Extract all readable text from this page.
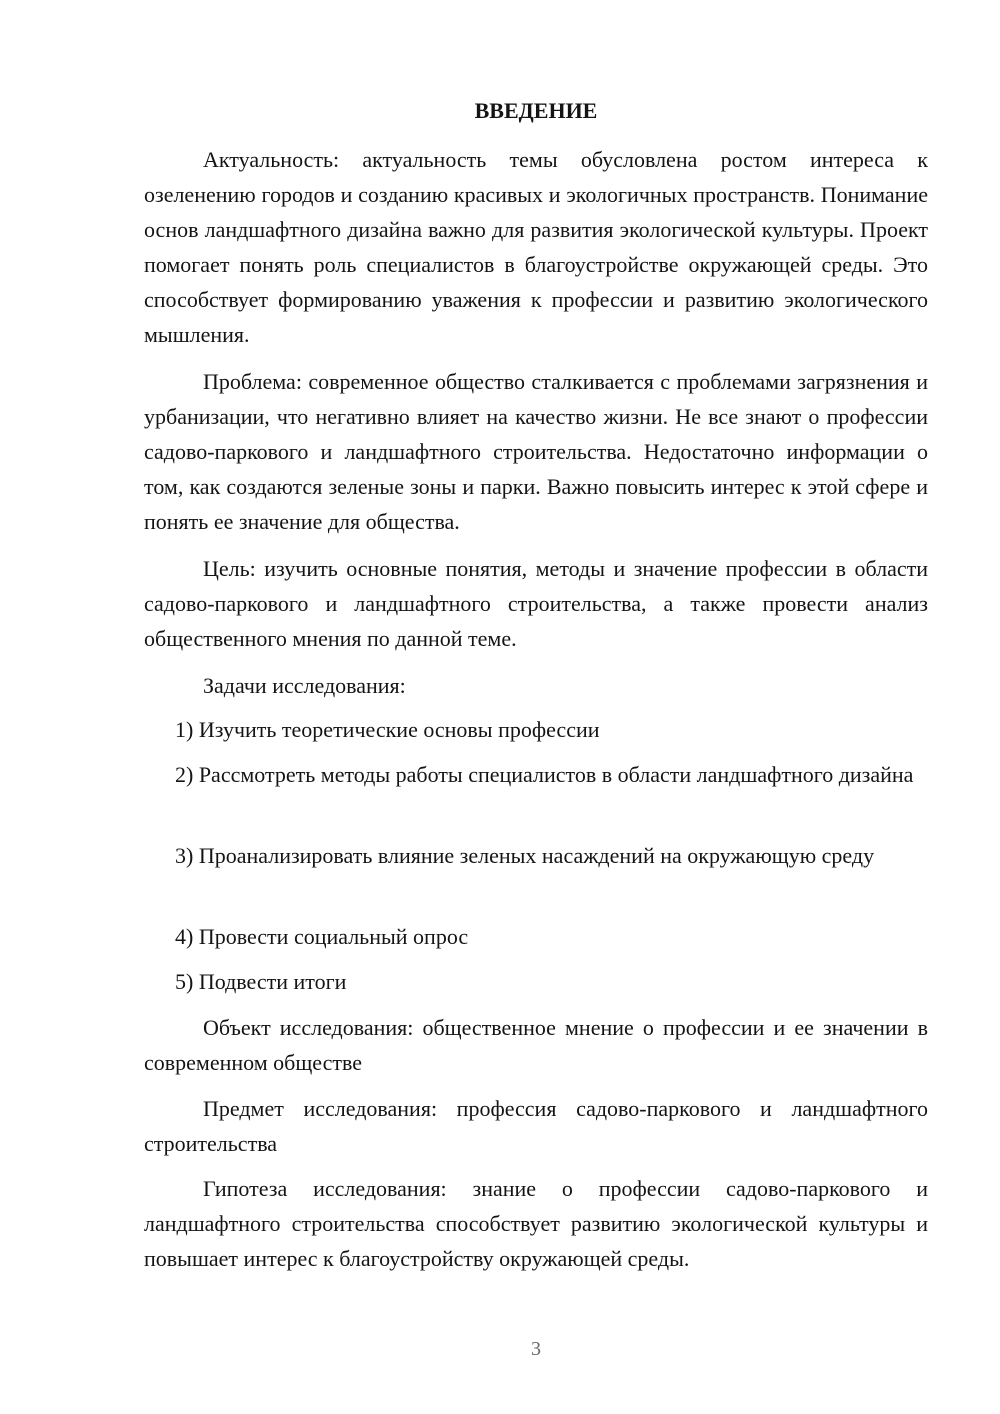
ВВЕДЕНИЕ

Актуальность: актуальность темы обусловлена ростом интереса к озеленению городов и созданию красивых и экологичных пространств. Понимание основ ландшафтного дизайна важно для развития экологической культуры. Проект помогает понять роль специалистов в благоустройстве окружающей среды. Это способствует формированию уважения к профессии и развитию экологического мышления.

Проблема: современное общество сталкивается с проблемами загрязнения и урбанизации, что негативно влияет на качество жизни. Не все знают о профессии садово-паркового и ландшафтного строительства. Недостаточно информации о том, как создаются зеленые зоны и парки. Важно повысить интерес к этой сфере и понять ее значение для общества.

Цель: изучить основные понятия, методы и значение профессии в области садово-паркового и ландшафтного строительства, а также провести анализ общественного мнения по данной теме.

Задачи исследования:

1) Изучить теоретические основы профессии

2) Рассмотреть методы работы специалистов в области ландшафтного дизайна

3) Проанализировать влияние зеленых насаждений на окружающую среду

4) Провести социальный опрос

5) Подвести итоги

Объект исследования: общественное мнение о профессии и ее значении в современном обществе

Предмет исследования: профессия садово-паркового и ландшафтного строительства

Гипотеза исследования: знание о профессии садово-паркового и ландшафтного строительства способствует развитию экологической культуры и повышает интерес к благоустройству окружающей среды.

3
